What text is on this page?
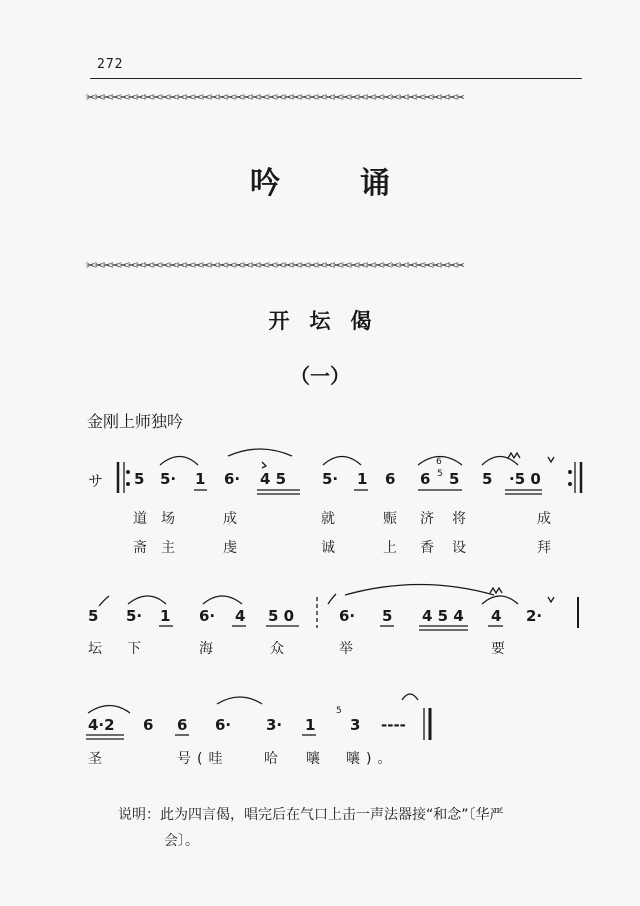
272
✂✂✂✂✂✂✂✂✂✂✂✂✂✂✂✂✂✂✂✂✂✂✂✂✂✂✂✂✂✂✂✂✂✂✂✂✂✂✂✂✂✂✂✂✂✂
吟诵
✂✂✂✂✂✂✂✂✂✂✂✂✂✂✂✂✂✂✂✂✂✂✂✂✂✂✂✂✂✂✂✂✂✂✂✂✂✂✂✂✂✂✂✂✂✂
开坛偈
（一）
金刚上师独吟
サ 5 5· 1 6· 4 5 5· 1 6 6 5 5 ·5 0
6
5
道 场	成	就	赈 济 将	成
斋 主	虔	诚	上 香 设	拜
5 5· 1 6· 4 5 0	6· 5 4 5 4 4 2·
坛 下	海	众	举	要
4·2 6 6 6· 3· 1 3 ----
5
圣	号(哇	哈 嚷 嚷)。
说明：此为四言偈，唱完后在气口上击一声法器接“和念”〔华严
会〕。
